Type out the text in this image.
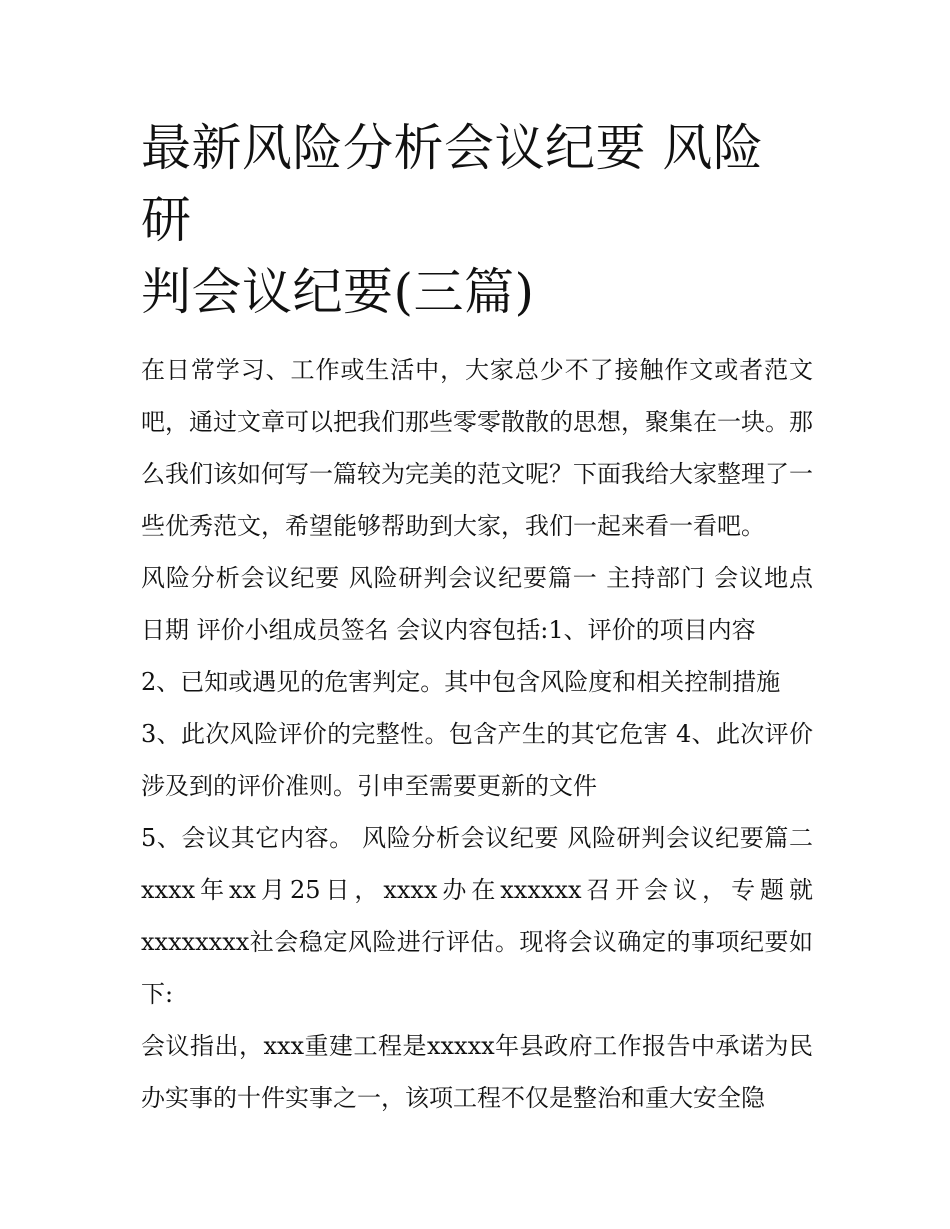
最新风险分析会议纪要 风险研
判会议纪要(三篇)

在日常学习、工作或生活中，大家总少不了接触作文或者范文吧，通过文章可以把我们那些零零散散的思想，聚集在一块。那么我们该如何写一篇较为完美的范文呢？下面我给大家整理了一些优秀范文，希望能够帮助到大家，我们一起来看一看吧。

风险分析会议纪要 风险研判会议纪要篇一 主持部门 会议地点 日期 评价小组成员签名 会议内容包括:1、评价的项目内容

2、已知或遇见的危害判定。其中包含风险度和相关控制措施

3、此次风险评价的完整性。包含产生的其它危害 4、此次评价涉及到的评价准则。引申至需要更新的文件

5、会议其它内容。 风险分析会议纪要 风险研判会议纪要篇二 xxxx年xx月25日，xxxx办在xxxxxx召开会议，专题就xxxxxxxx社会稳定风险进行评估。现将会议确定的事项纪要如下:

会议指出，xxx重建工程是xxxxx年县政府工作报告中承诺为民办实事的十件实事之一，该项工程不仅是整治和重大安全隐
